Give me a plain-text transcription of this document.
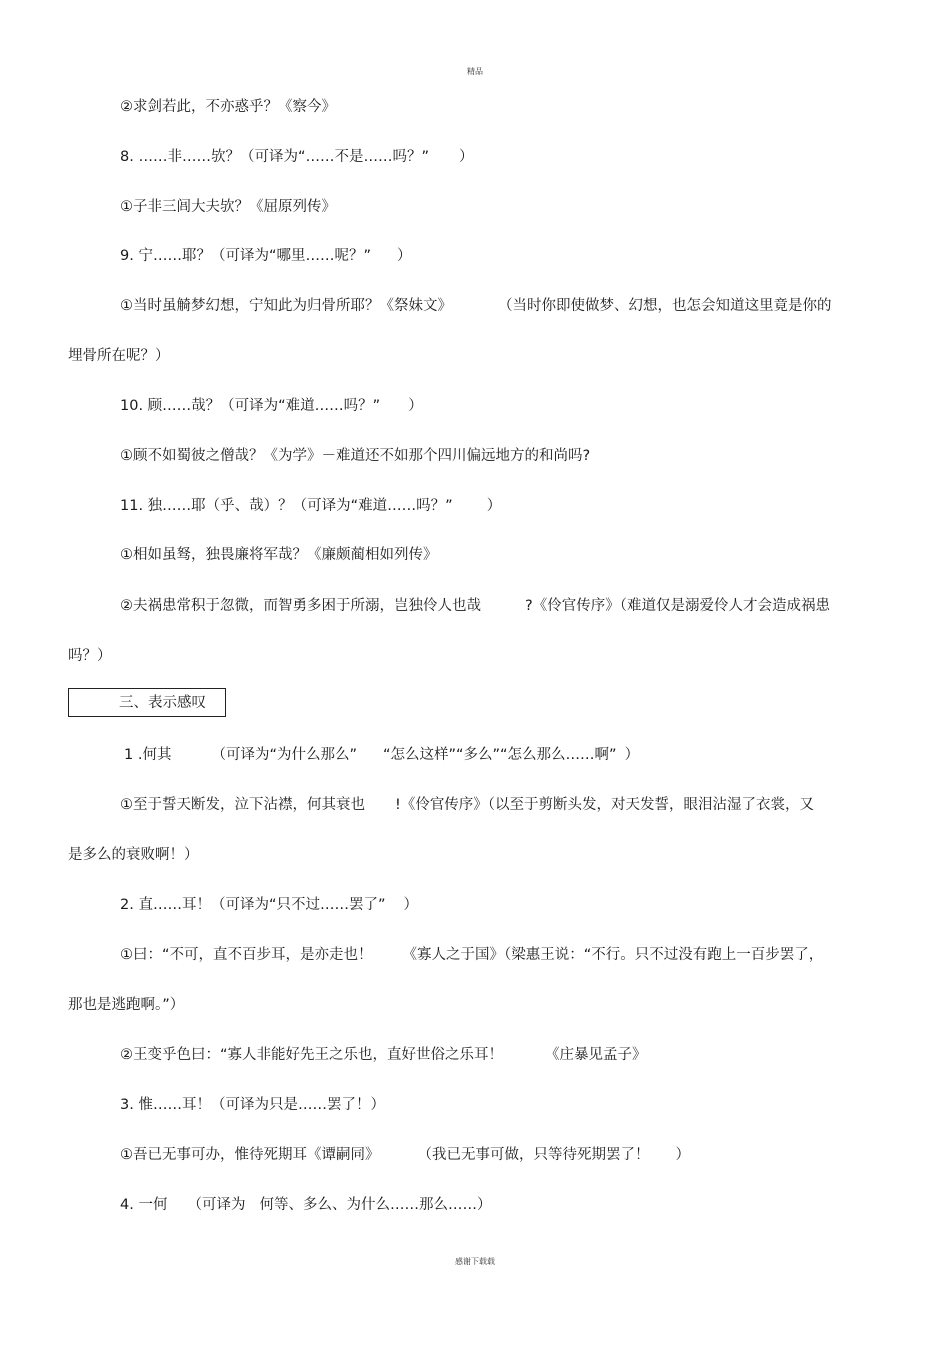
精品
②求剑若此，不亦惑乎？《察今》
8. ……非……欤？（可译为“……不是……吗？” ）
①子非三闾大夫欤？《屈原列传》
9. 宁……耶？（可译为“哪里……呢？” ）
①当时虽觭梦幻想，宁知此为归骨所耶？《祭妹文》	（当时你即使做梦、幻想，也怎会知道这里竟是你的
埋骨所在呢？）
10. 顾……哉？（可译为“难道……吗？” ）
①顾不如蜀彼之僧哉？《为学》－难道还不如那个四川偏远地方的和尚吗?
11. 独……耶（乎、哉）？（可译为“难道……吗？” ）
①相如虽驽，独畏廉将军哉？《廉颇蔺相如列传》
②夫祸患常积于忽微，而智勇多困于所溺，岂独伶人也哉	?《伶官传序》（难道仅是溺爱伶人才会造成祸患
吗？）
三、表示感叹
1 .何其	（可译为“为什么那么” “怎么这样”“多么”“怎么那么……啊” ）
①至于誓天断发，泣下沾襟，何其衰也 !《伶官传序》（以至于剪断头发，对天发誓，眼泪沾湿了衣裳，又
是多么的衰败啊！）
2. 直……耳！（可译为“只不过……罢了” ）
①曰：“不可，直不百步耳，是亦走也！ 《寡人之于国》（梁惠王说：“不行。只不过没有跑上一百步罢了，
那也是逃跑啊。”）
②王变乎色曰：“寡人非能好先王之乐也，直好世俗之乐耳！	《庄暴见孟子》
3. 惟……耳！（可译为只是……罢了！）
①吾已无事可办，惟待死期耳《谭嗣同》	（我已无事可做，只等待死期罢了！ ）
4. 一何 （可译为 何等、多么、为什么……那么……）
感谢下载载
